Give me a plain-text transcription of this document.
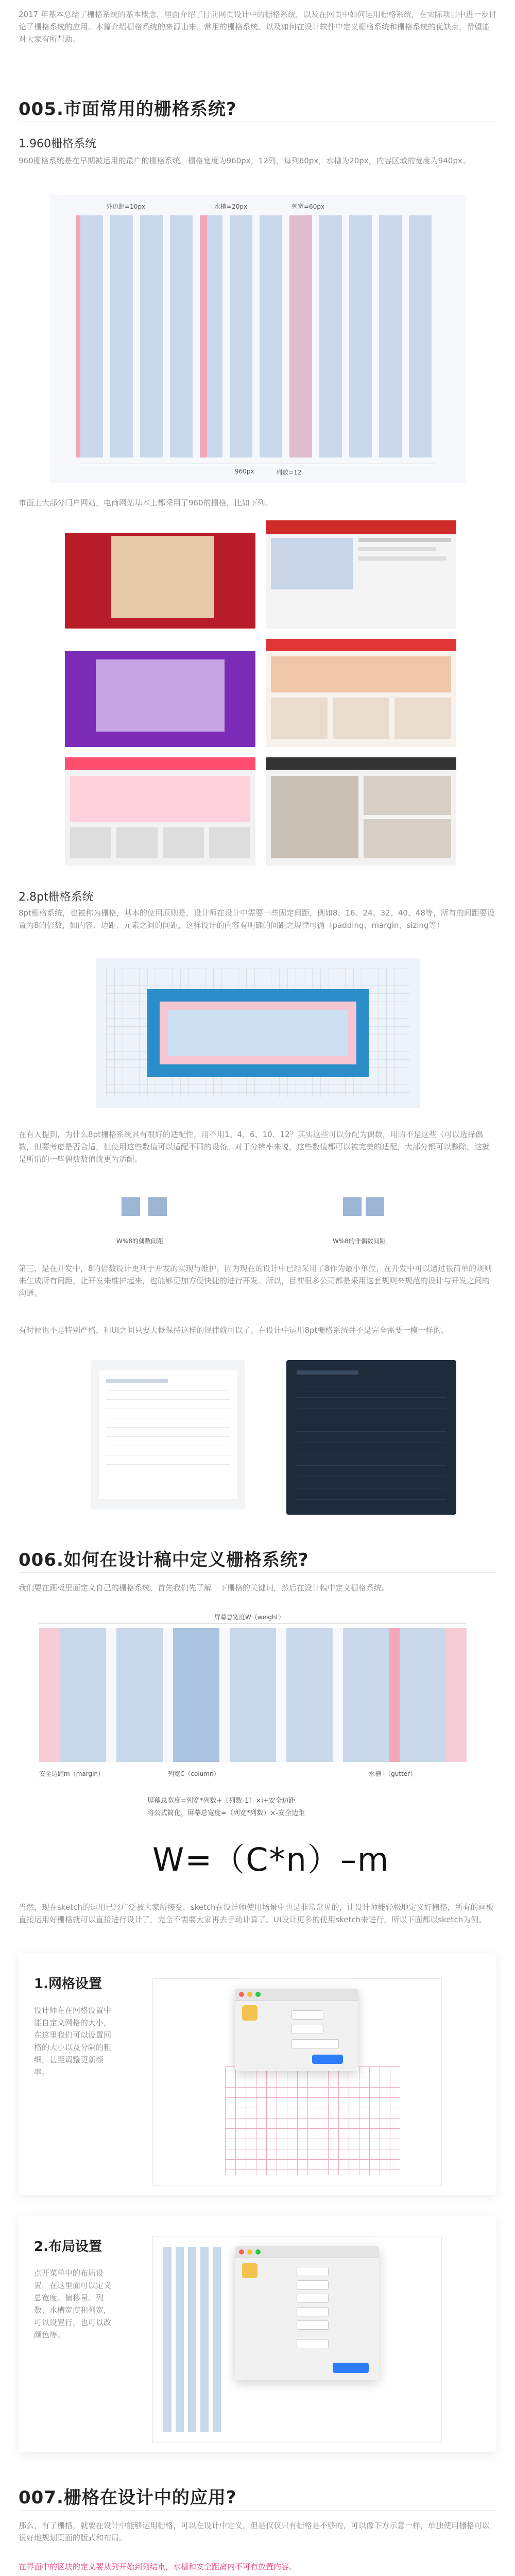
2017 年基本总结了栅格系统的基本概念，里面介绍了目前网页设计中的栅格系统，以及在网页中如何运用栅格系统，在实际项目中进一步讨论了栅格系统的应用。本篇介绍栅格系统的来源由来、常用的栅格系统、以及如何在设计软件中定义栅格系统和栅格系统的优缺点，希望能对大家有所帮助。

005.市面常用的栅格系统?
1.960栅格系统

960栅格系统是在早期被运用的最广的栅格系统。栅格宽度为960px，12列，每列60px，水槽为20px，内容区域的宽度为940px。

外边距=10px	水槽=20px	列宽=60px
960px	列数=12

市面上大部分门户网站，电商网站基本上都采用了960的栅格，比如下列。

2.8pt栅格系统

8pt栅格系统，也被称为栅格，基本的使用原则是，设计师在设计中需要一些固定间距，例如8、16、24、32、40、48等，所有的间距要设置为8的倍数，如内容、边距、元素之间的间距，这样设计的内容有明确的间距之规律可循（padding、margin、sizing等）

在有人提到，为什么8pt栅格系统具有很好的适配性，用不用1、4、6、10、12？其实这些可以分配为偶数，用的不是这些（可以选择偶数，但要考虑是否合适，但使用这些数值可以适配不同的设备。对于分辨率来说，这些数值都可以被完美的适配，大部分都可以整除，这就是所谓的一些偶数数值就更为适配。

W%8的偶数间距	W%8的非偶数间距

第三，是在开发中，8的倍数设计更利于开发的实现与维护，因为现在的设计中已经采用了8作为最小单位，在开发中可以通过很简单的规则来生成所有间距，让开发来维护起来，也能够更加方便快捷的进行开发。所以，目前很多公司都是采用这套规则来规范的设计与开发之间的沟通。

有时候也不是特别严格，和UI之间只要大概保持这样的规律就可以了。在设计中运用8pt栅格系统并不是完全需要一模一样的。

006.如何在设计稿中定义栅格系统?

我们要在画板里面定义自己的栅格系统，首先我们先了解一下栅格的关键词，然后在设计稿中定义栅格系统。

屏幕总宽度W（weight）
安全边距m（margin）	列宽C（column）	水槽 i（gutter）
屏幕总宽度=列宽*列数+（列数-1）×i+安全边距
将公式简化，屏幕总宽度=（列宽*列数）×-安全边距
W=（C*n）–m

当然，现在sketch的运用已经广泛被大家所接受，sketch在设计师使用场景中也是非常常见的，让设计师能轻松地定义好栅格，所有的画板直接运用好栅格就可以直接进行设计了，完全不需要大家再去手动计算了。UI设计更多的使用sketch来进行，所以下面都以sketch为例。

1.网格设置

设计师在在网格设置中能自定义网格的大小，在这里我们可以设置网格的大小以及分隔的粗细，甚至调整更新频率。

2.布局设置

点开菜单中的布局设置，在这里面可以定义总宽度、偏移量、列数、水槽宽度和列宽，可以设置行，也可以改颜色等。

007.栅格在设计中的应用?

那么，有了栅格，就要在设计中能够运用栅格，可以在设计中定义，但是仅仅只有栅格是不够的，可以像下方示意一样，单独使用栅格可以很好地规划页面的版式和布局。

在界面中的区块的定义要从列开始到列结束，水槽和安全距离内不可有放置内容。
